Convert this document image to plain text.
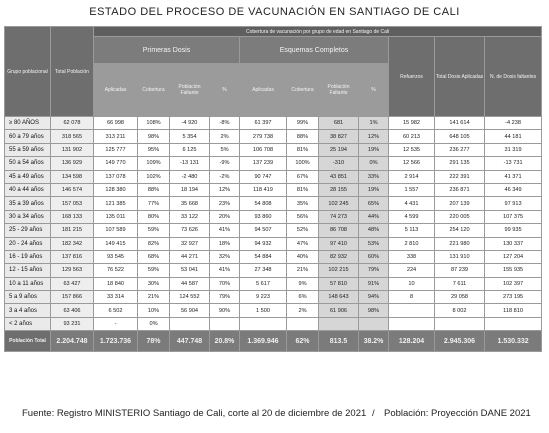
ESTADO DEL PROCESO DE VACUNACIÓN EN SANTIAGO DE CALI
Grupo poblacional	Total Población	Cobertura de vacunación por grupo de edad en Santiago de Cali										
		Primeras Dosis				Esquemas Completos				Refuerzos	Total Dosis Aplicadas	N. de Dosis faltantes
		Aplicadas	Cobertura	Población Faltante	%	Aplicadas	Cobertura	Población Faltante	%			
≥ 80 AÑOS	62 078	66 998	108%	-4 920	-8%	61 397	99%	681	1%	15 982	141 614	-4 238
60 a 79 años	318 565	313 211	98%	5 354	2%	279 738	88%	38 827	12%	60 213	648 105	44 181
55 a 59 años	131 902	125 777	95%	6 125	5%	106 708	81%	25 194	19%	12 535	236 277	31 319
50 a 54 años	136 929	149 770	109%	-13 131	-9%	137 239	100%	-310	0%	12 566	291 135	-13 731
45 a 49 años	134 598	137 078	102%	-2 480	-2%	90 747	67%	43 851	33%	2 914	222 391	41 371
40 a 44 años	146 574	128 380	88%	18 194	12%	118 419	81%	28 155	19%	1 557	236 871	46 349
35 a 39 años	157 053	121 385	77%	35 668	23%	54 808	35%	102 245	65%	4 431	207 139	97 913
30 a 34 años	168 133	135 011	80%	33 122	20%	93 860	56%	74 273	44%	4 599	220 005	107 375
25 - 29 años	181 215	107 589	59%	73 626	41%	94 507	52%	86 708	48%	5 113	254 120	99 935
20 - 24 años	182 342	149 415	82%	32 927	18%	94 932	47%	97 410	53%	2 810	221 980	130 337
16 - 19 años	137 816	93 545	68%	44 271	32%	54 884	40%	82 932	60%	338	131 910	127 204
12 - 15 años	129 563	76 522	59%	53 041	41%	27 348	21%	102 215	79%	224	87 239	155 935
10 a 11 años	63 427	18 840	30%	44 587	70%	5 617	9%	57 810	91%	10	7 611	102 397
5 a 9 años	157 866	33 314	21%	124 552	79%	9 223	6%	148 643	94%	8	29 058	273 195
3 a 4 años	63 406	6 502	10%	56 904	90%	1 500	2%	61 906	98%		8 002	118 810
< 2 años	93 231	-	0%									
Población Total	2.204.748	1.723.736	78%	447.748	20.8%	1.369.946	62%	813.5	38.2%	128.204	2.945.306	1.530.332
Fuente: Registro MINISTERIO Santiago de Cali, corte al 20 de diciembre de 2021 / Población: Proyección DANE 2021
